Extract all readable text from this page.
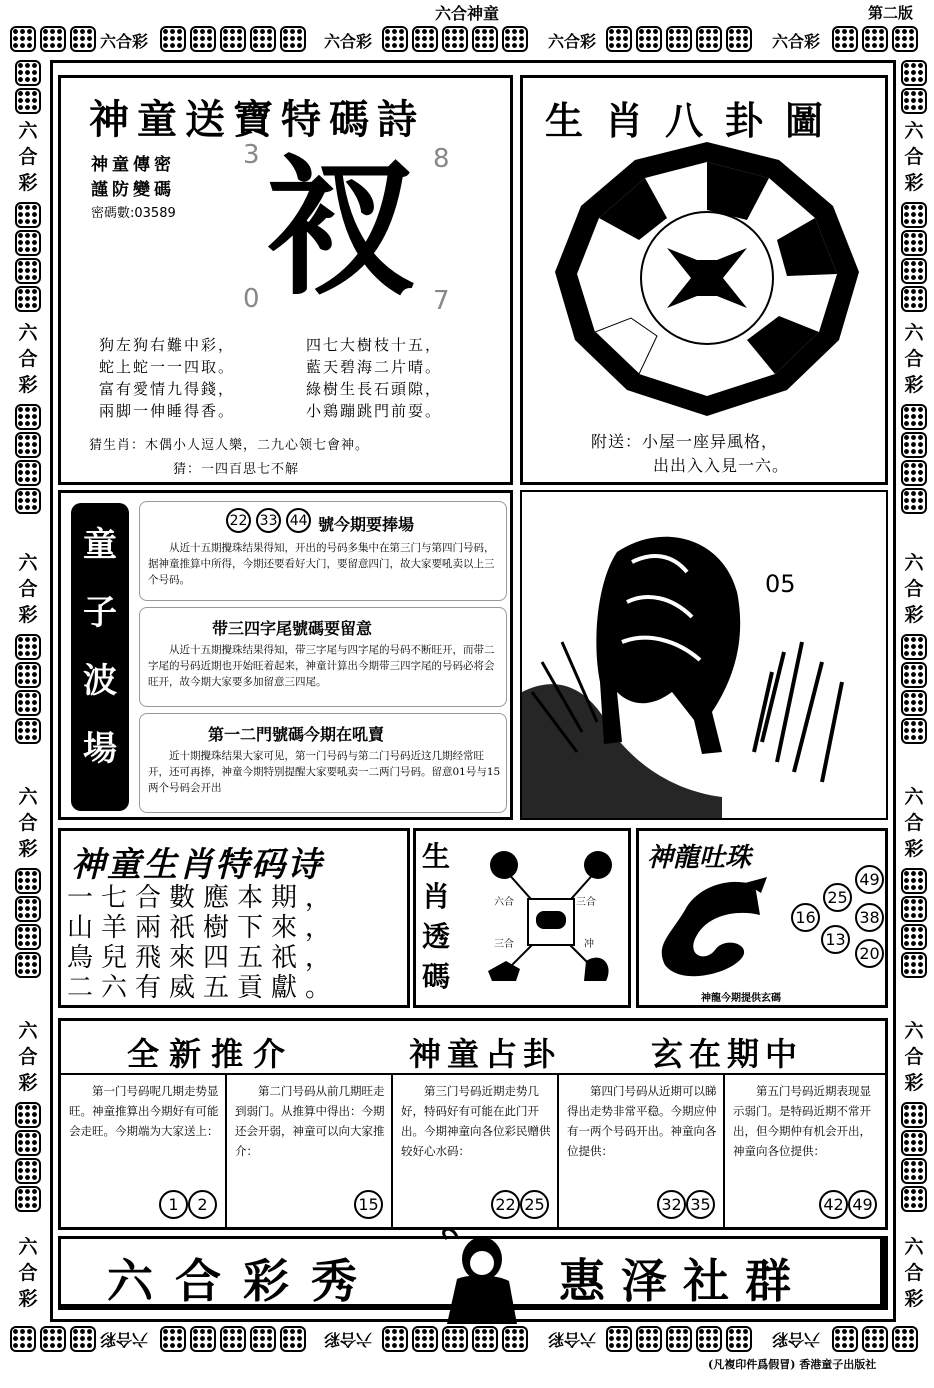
六合神童	第二版
六合彩	六合彩	六合彩	六合彩
六合彩	六合彩	六合彩	六合彩
六
合
彩
六
合
彩
六
合
彩
六
合
彩
六
合
彩
六
合
彩
六
合
彩
六
合
彩
六
合
彩
六
合
彩
六
合
彩
六
合
彩
神童送寶特碼詩
神童傳密
謹防變碼
密碼數:03589
3	8
0	7
衩
狗左狗右難中彩，
蛇上蛇一一四取。
富有愛情九得錢，
兩脚一伸睡得香。
四七大樹枝十五，
藍天碧海二片晴。
綠樹生長石頭隙，
小鶏蹦跳門前耍。
猜生肖：木偶小人逗人樂，二九心领七會神。
猜：一四百思七不解
生肖八卦圖
附送：小屋一座异風格，
出出入入見一六。
童
子
波
場
22 33 44 號今期要捧場
从近十五期攪珠结果得知，开出的号码多集中在第三门与第四门号码，据神童推算中所得，今期还要看好大门，要留意四门，故大家要吼卖以上三个号码。
带三四字尾號碼要留意
从近十五期攪珠结果得知，带三字尾与四字尾的号码不断旺开，而带二字尾的号码近期也开始旺着起来，神童计算出今期带三四字尾的号码必将会旺开，故今期大家要多加留意三四尾。
第一二門號碼今期在吼賣
近十期攪珠结果大家可见，第一门号码与第二门号码近这几期经常旺开，还可再捧，神童今期特别提醒大家要吼卖一二两门号码。留意01号与15两个号码会开出
05
神童生肖特码诗
一七合數應本期，
山羊兩祇樹下來，
鳥兒飛來四五祇，
二六有威五貢獻。
生
肖
透
碼
六合	三合
三合	冲
神龍吐珠
49
25
38
16
13
20
神龍今期提供玄碼
全新推介	神童占卦	玄在期中
第一门号码呢几期走势显旺。神童推算出今期好有可能会走旺。今期端为大家送上：
1 2
第二门号码从前几期旺走到弱门。从推算中得出：今期还会开弱，神童可以向大家推介：
15
第三门号码近期走势几好，特码好有可能在此门开出。今期神童向各位彩民赠供较好心水码：
22 25
第四门号码从近期可以睇得出走势非常平稳。今期应仲有一两个号码开出。神童向各位提供：
32 35
第五门号码近期表现显示弱门。是特码近期不常开出，但今期仲有机会开出，神童向各位提供：
42 49
六合彩秀	惠泽社群
(凡複印件爲假冒) 香港童子出版社
